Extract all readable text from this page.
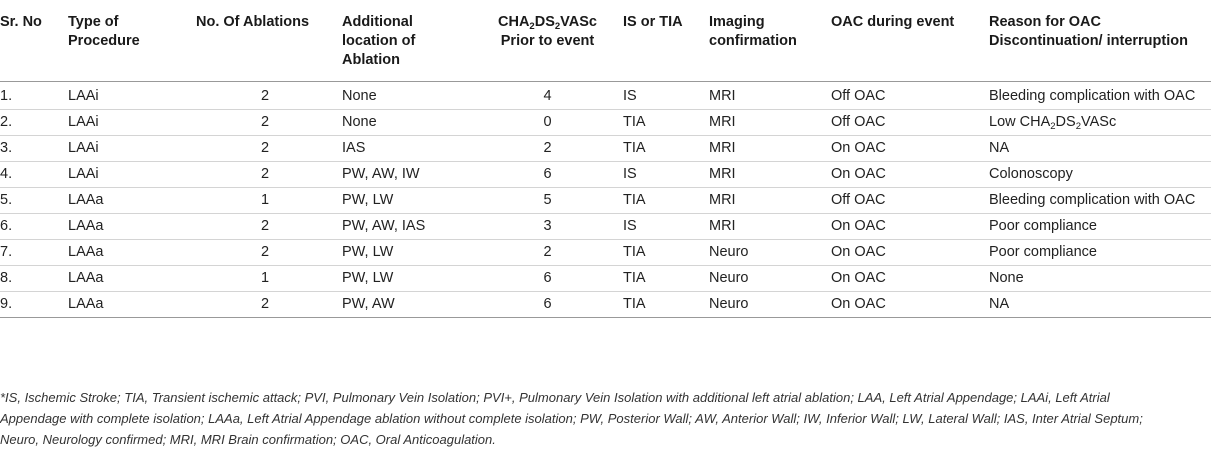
Sr. No	Type of Procedure	No. Of Ablations	Additional location of Ablation	$CHA_2DS_2VASc$ Prior to event	IS or TIA	Imaging confirmation	OAC during event	Reason for OAC Discontinuation/ interruption
1.	LAAi	2	None	4	IS	MRI	Off OAC	Bleeding complication with OAC
2.	LAAi	2	None	0	TIA	MRI	Off OAC	Low $CHA_2DS_2VASc$
3.	LAAi	2	IAS	2	TIA	MRI	On OAC	NA
4.	LAAi	2	PW, AW, IW	6	IS	MRI	On OAC	Colonoscopy
5.	LAAa	1	PW, LW	5	TIA	MRI	Off OAC	Bleeding complication with OAC
6.	LAAa	2	PW, AW, IAS	3	IS	MRI	On OAC	Poor compliance
7.	LAAa	2	PW, LW	2	TIA	Neuro	On OAC	Poor compliance
8.	LAAa	1	PW, LW	6	TIA	Neuro	On OAC	None
9.	LAAa	2	PW, AW	6	TIA	Neuro	On OAC	NA
*IS, Ischemic Stroke; TIA, Transient ischemic attack; PVI, Pulmonary Vein Isolation; PVI+, Pulmonary Vein Isolation with additional left atrial ablation; LAA, Left Atrial Appendage; LAAi, Left Atrial Appendage with complete isolation; LAAa, Left Atrial Appendage ablation without complete isolation; PW, Posterior Wall; AW, Anterior Wall; IW, Inferior Wall; LW, Lateral Wall; IAS, Inter Atrial Septum; Neuro, Neurology confirmed; MRI, MRI Brain confirmation; OAC, Oral Anticoagulation.
